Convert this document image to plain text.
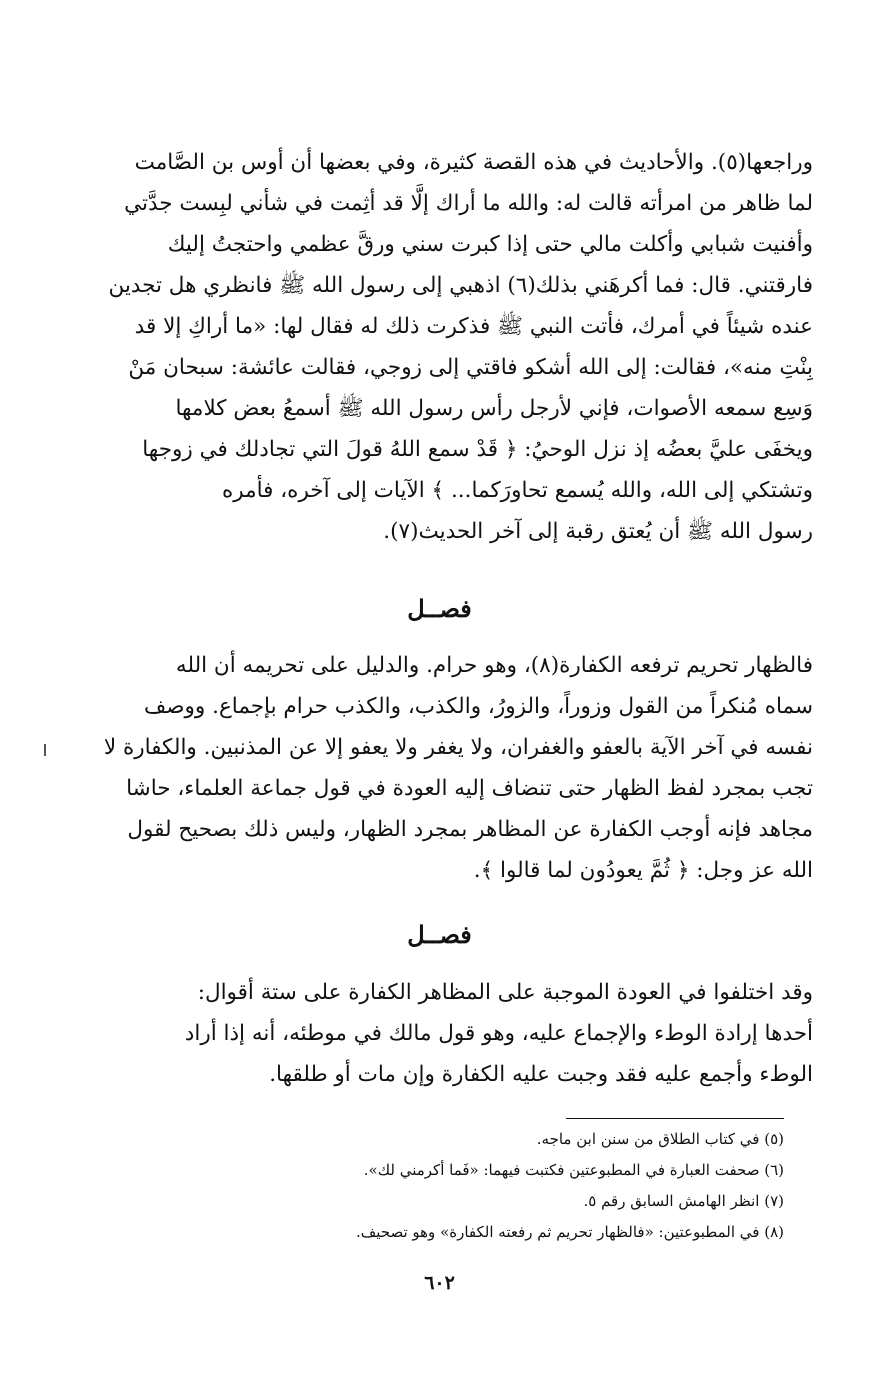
وراجعها(٥). والأحاديث في هذه القصة كثيرة، وفي بعضها أن أوس بن الصَّامت
لما ظاهر من امرأته قالت له: والله ما أراك إلَّا قد أثِمت في شأني لبِست جدَّتي
وأفنيت شبابي وأكلت مالي حتى إذا كبرت سني ورقَّ عظمي واحتجتُ إليك
فارقتني. قال: فما أكرهَني بذلك(٦) اذهبي إلى رسول الله ﷺ فانظري هل تجدين
عنده شيئاً في أمرك، فأتت النبي ﷺ فذكرت ذلك له فقال لها: «ما أراكِ إلا قد
بِنْتِ منه»، فقالت: إلى الله أشكو فاقتي إلى زوجي، فقالت عائشة: سبحان مَنْ
وَسِع سمعه الأصوات، فإني لأرجل رأس رسول الله ﷺ أسمعُ بعض كلامها
ويخفَى عليَّ بعضُه إذ نزل الوحيُ: ﴿ قَدْ سمع اللهُ قولَ التي تجادلك في زوجها
وتشتكي إلى الله، والله يُسمع تحاورَكما... ﴾ الآيات إلى آخره، فأمره
رسول الله ﷺ أن يُعتق رقبة إلى آخر الحديث(٧).
فصــل
فالظهار تحريم ترفعه الكفارة(٨)، وهو حرام. والدليل على تحريمه أن الله
سماه مُنكراً من القول وزوراً، والزورُ، والكذب، والكذب حرام بإجماع. ووصف
نفسه في آخر الآية بالعفو والغفران، ولا يغفر ولا يعفو إلا عن المذنبين. والكفارة لا
تجب بمجرد لفظ الظهار حتى تنضاف إليه العودة في قول جماعة العلماء، حاشا
مجاهد فإنه أوجب الكفارة عن المظاهر بمجرد الظهار، وليس ذلك بصحيح لقول
الله عز وجل: ﴿ ثُمَّ يعودُون لما قالوا ﴾.
فصــل
وقد اختلفوا في العودة الموجبة على المظاهر الكفارة على ستة أقوال:
أحدها إرادة الوطء والإجماع عليه، وهو قول مالك في موطئه، أنه إذا أراد
الوطء وأجمع عليه فقد وجبت عليه الكفارة وإن مات أو طلقها.
(٥) في كتاب الطلاق من سنن ابن ماجه.
(٦) صحفت العبارة في المطبوعتين فكتبت فيهما: «فَما أكرمني لك».
(٧) انظر الهامش السابق رقم ٥.
(٨) في المطبوعتين: «فالظهار تحريم ثم رفعته الكفارة» وهو تصحيف.
٦٠٢
